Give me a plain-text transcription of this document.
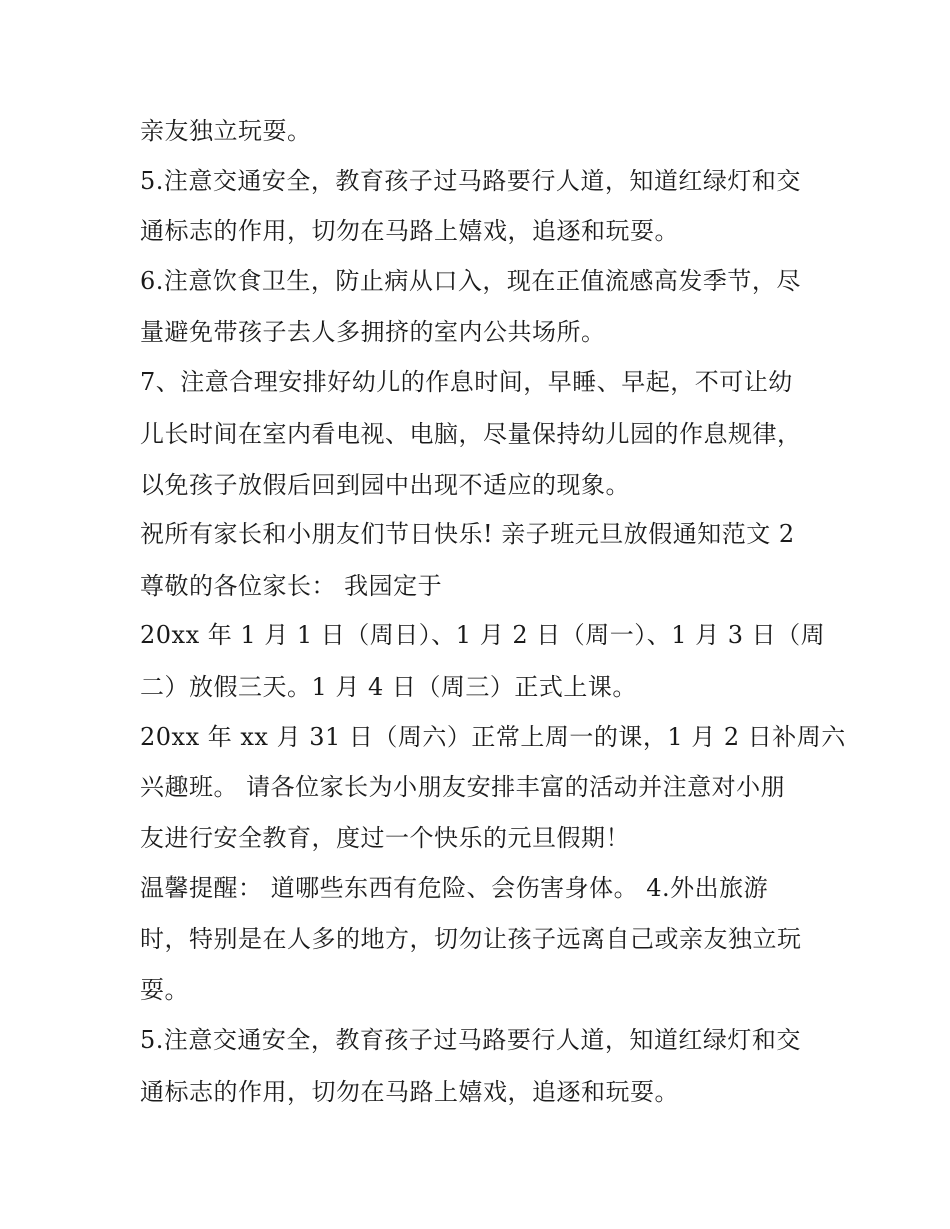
亲友独立玩耍。
5.注意交通安全，教育孩子过马路要行人道，知道红绿灯和交
通标志的作用，切勿在马路上嬉戏，追逐和玩耍。
6.注意饮食卫生，防止病从口入，现在正值流感高发季节，尽
量避免带孩子去人多拥挤的室内公共场所。
7、注意合理安排好幼儿的作息时间，早睡、早起，不可让幼
儿长时间在室内看电视、电脑，尽量保持幼儿园的作息规律，
以免孩子放假后回到园中出现不适应的现象。
祝所有家长和小朋友们节日快乐! 亲子班元旦放假通知范文 2
尊敬的各位家长： 我园定于
20xx 年 1 月 1 日（周日）、1 月 2 日（周一）、1 月 3 日（周
二）放假三天。1 月 4 日（周三）正式上课。
20xx 年 xx 月 31 日（周六）正常上周一的课，1 月 2 日补周六
兴趣班。 请各位家长为小朋友安排丰富的活动并注意对小朋
友进行安全教育，度过一个快乐的元旦假期！
温馨提醒： 道哪些东西有危险、会伤害身体。 4.外出旅游
时，特别是在人多的地方，切勿让孩子远离自己或亲友独立玩
耍。
5.注意交通安全，教育孩子过马路要行人道，知道红绿灯和交
通标志的作用，切勿在马路上嬉戏，追逐和玩耍。
